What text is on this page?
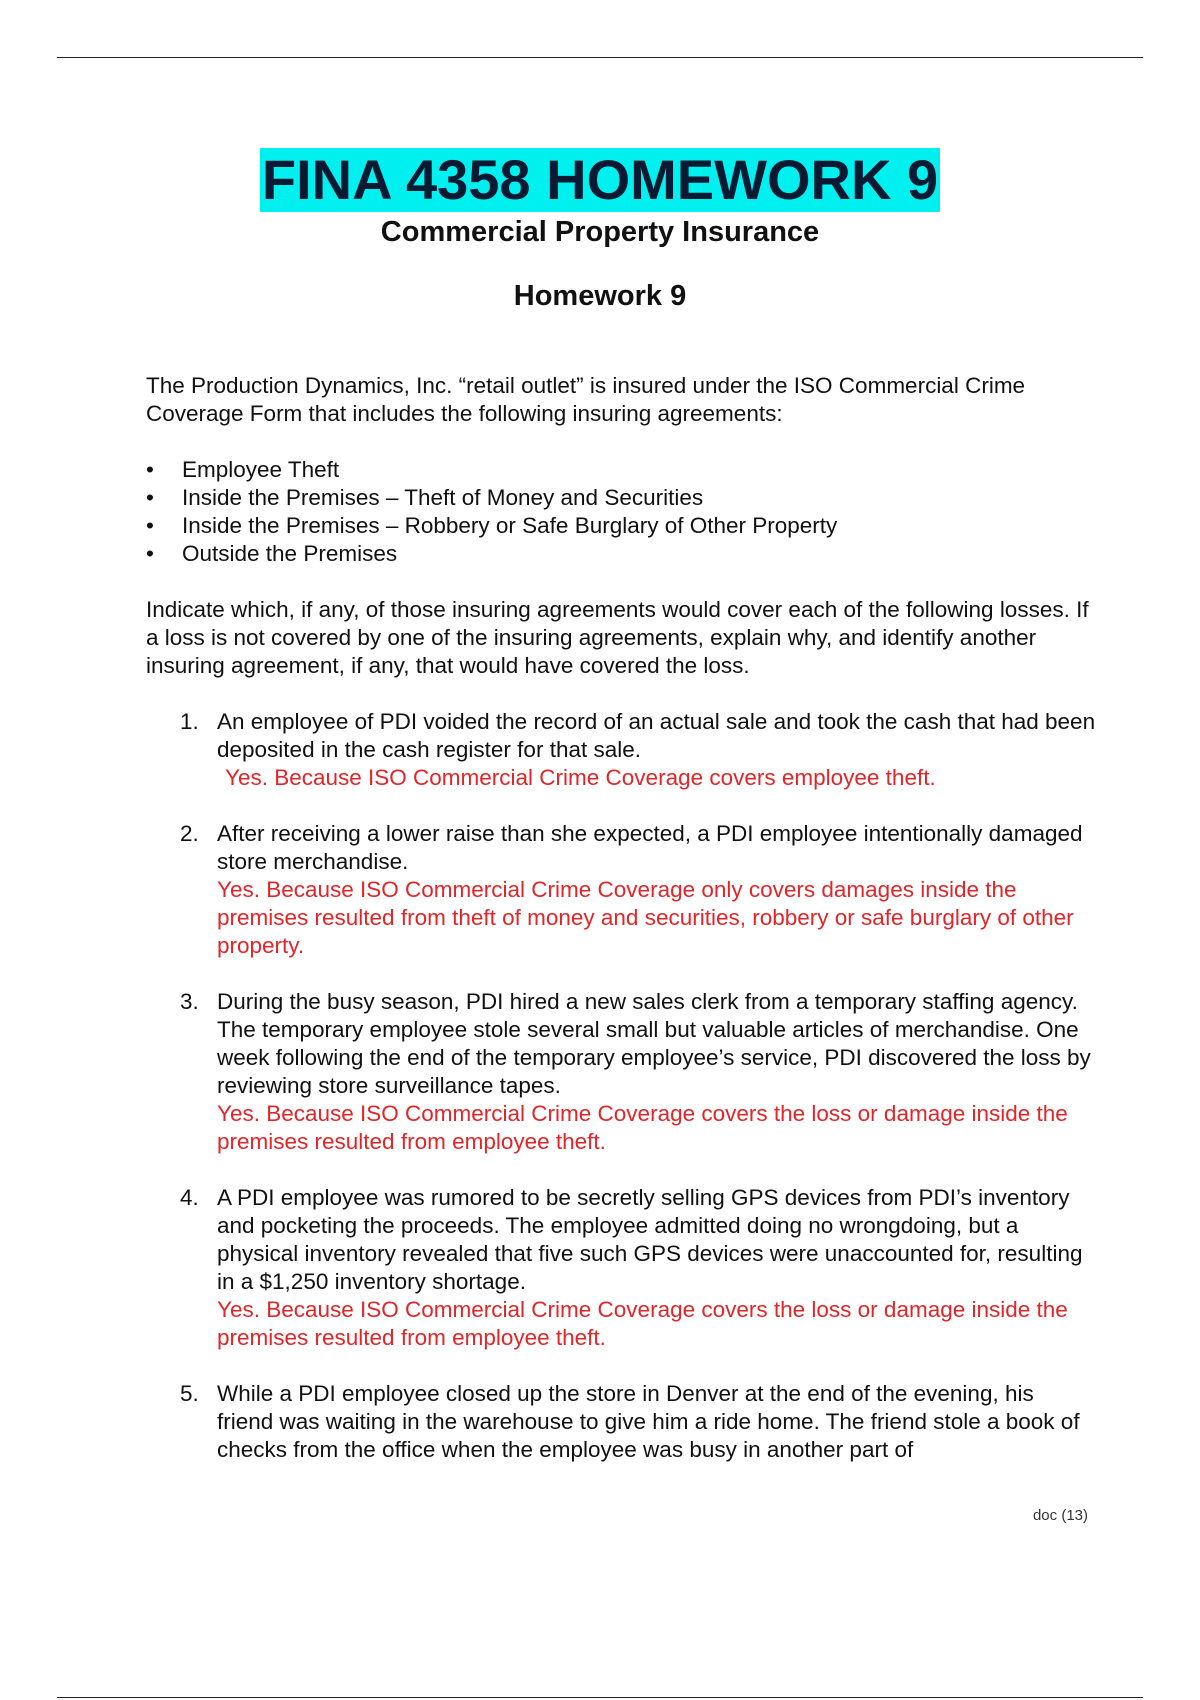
FINA 4358 HOMEWORK 9
Commercial Property Insurance
Homework 9

The Production Dynamics, Inc. “retail outlet” is insured under the ISO Commercial Crime Coverage Form that includes the following insuring agreements:

• Employee Theft
• Inside the Premises – Theft of Money and Securities
• Inside the Premises – Robbery or Safe Burglary of Other Property
• Outside the Premises

Indicate which, if any, of those insuring agreements would cover each of the following losses. If a loss is not covered by one of the insuring agreements, explain why, and identify another insuring agreement, if any, that would have covered the loss.

1. An employee of PDI voided the record of an actual sale and took the cash that had been deposited in the cash register for that sale.
Yes. Because ISO Commercial Crime Coverage covers employee theft.
2. After receiving a lower raise than she expected, a PDI employee intentionally damaged store merchandise.
Yes. Because ISO Commercial Crime Coverage only covers damages inside the premises resulted from theft of money and securities, robbery or safe burglary of other property.
3. During the busy season, PDI hired a new sales clerk from a temporary staffing agency. The temporary employee stole several small but valuable articles of merchandise. One week following the end of the temporary employee’s service, PDI discovered the loss by reviewing store surveillance tapes.
Yes. Because ISO Commercial Crime Coverage covers the loss or damage inside the premises resulted from employee theft.
4. A PDI employee was rumored to be secretly selling GPS devices from PDI’s inventory and pocketing the proceeds. The employee admitted doing no wrongdoing, but a physical inventory revealed that five such GPS devices were unaccounted for, resulting in a $1,250 inventory shortage.
Yes. Because ISO Commercial Crime Coverage covers the loss or damage inside the premises resulted from employee theft.
5. While a PDI employee closed up the store in Denver at the end of the evening, his friend was waiting in the warehouse to give him a ride home. The friend stole a book of checks from the office when the employee was busy in another part of
doc (13)
